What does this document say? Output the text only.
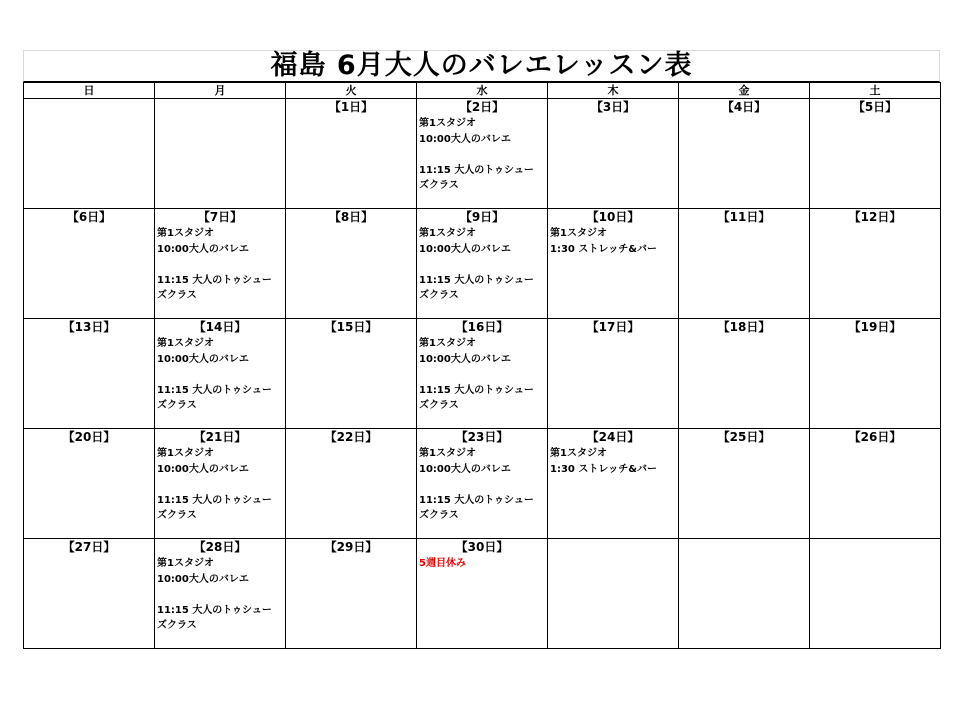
福島 6月大人のバレエレッスン表
日	月	火	水	木	金	土

		【1日】	【2日】
第1スタジオ
10:00大人のバレエ
11:15 大人のトゥシュー
ズクラス	【3日】	【4日】	【5日】

【6日】	【7日】
第1スタジオ
10:00大人のバレエ
11:15 大人のトゥシュー
ズクラス	【8日】	【9日】
第1スタジオ
10:00大人のバレエ
11:15 大人のトゥシュー
ズクラス	【10日】
第1スタジオ
1:30 ストレッチ&バー	【11日】	【12日】

【13日】	【14日】
第1スタジオ
10:00大人のバレエ
11:15 大人のトゥシュー
ズクラス	【15日】	【16日】
第1スタジオ
10:00大人のバレエ
11:15 大人のトゥシュー
ズクラス	【17日】	【18日】	【19日】

【20日】	【21日】
第1スタジオ
10:00大人のバレエ
11:15 大人のトゥシュー
ズクラス	【22日】	【23日】
第1スタジオ
10:00大人のバレエ
11:15 大人のトゥシュー
ズクラス	【24日】
第1スタジオ
1:30 ストレッチ&バー	【25日】	【26日】

【27日】	【28日】
第1スタジオ
10:00大人のバレエ
11:15 大人のトゥシュー
ズクラス	【29日】	【30日】
5週目休み			
